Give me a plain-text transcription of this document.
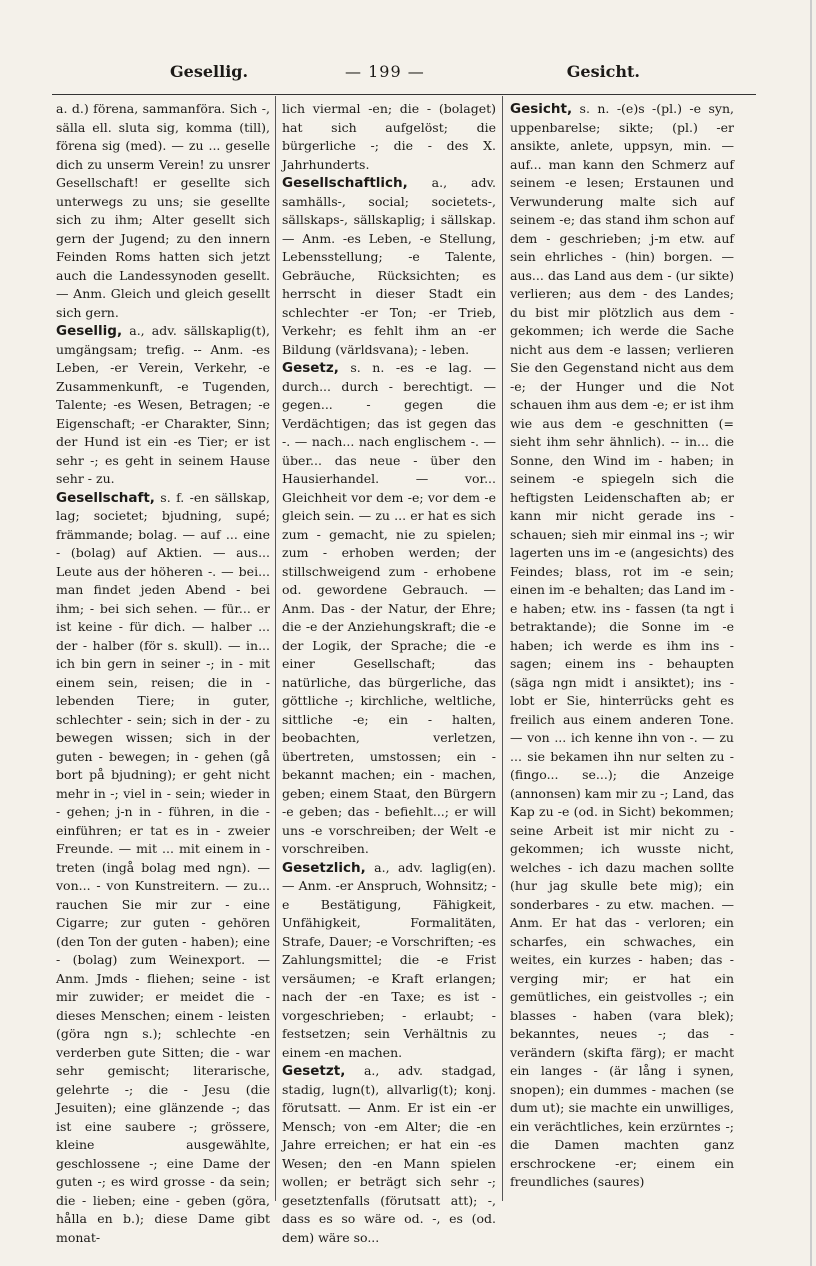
Gesellig.	— 199 —	Gesicht.

a. d.) förena, sammanföra. Sich -, sälla ell. sluta sig, komma (till), förena sig (med). — zu ... geselle dich zu unserm Verein! zu unsrer Gesellschaft! er gesellte sich unterwegs zu uns; sie gesellte sich zu ihm; Alter gesellt sich gern der Jugend; zu den innern Feinden Roms hatten sich jetzt auch die Landessynoden gesellt. — Anm. Gleich und gleich gesellt sich gern.

Gesellig, a., adv. sällskaplig(t), umgängsam; trefig. -- Anm. -es Leben, -er Verein, Verkehr, -e Zusammenkunft, -e Tugenden, Talente; -es Wesen, Betragen; -e Eigenschaft; -er Charakter, Sinn; der Hund ist ein -es Tier; er ist sehr -; es geht in seinem Hause sehr - zu.

Gesellschaft, s. f. -en sällskap, lag; societet; bjudning, supé; främmande; bolag. — auf ... eine - (bolag) auf Aktien. — aus... Leute aus der höheren -. — bei... man findet jeden Abend - bei ihm; - bei sich sehen. — für... er ist keine - für dich. — halber ... der - halber (för s. skull). — in... ich bin gern in seiner -; in - mit einem sein, reisen; die in - lebenden Tiere; in guter, schlechter - sein; sich in der - zu bewegen wissen; sich in der guten - bewegen; in - gehen (gå bort på bjudning); er geht nicht mehr in -; viel in - sein; wieder in - gehen; j-n in - führen, in die - einführen; er tat es in - zweier Freunde. — mit ... mit einem in - treten (ingå bolag med ngn). — von... - von Kunstreitern. — zu... rauchen Sie mir zur - eine Cigarre; zur guten - gehören (den Ton der guten - haben); eine - (bolag) zum Weinexport. — Anm. Jmds - fliehen; seine - ist mir zuwider; er meidet die - dieses Menschen; einem - leisten (göra ngn s.); schlechte -en verderben gute Sitten; die - war sehr gemischt; literarische, gelehrte -; die - Jesu (die Jesuiten); eine glänzende -; das ist eine saubere -; grössere, kleine ausgewählte, geschlossene -; eine Dame der guten -; es wird grosse - da sein; die - lieben; eine - geben (göra, hålla en b.); diese Dame gibt monat-

lich viermal -en; die - (bolaget) hat sich aufgelöst; die bürgerliche -; die - des X. Jahrhunderts.

Gesellschaftlich, a., adv. samhälls-, social; societets-, sällskaps-, sällskaplig; i sällskap. — Anm. -es Leben, -e Stellung, Lebensstellung; -e Talente, Gebräuche, Rücksichten; es herrscht in dieser Stadt ein schlechter -er Ton; -er Trieb, Verkehr; es fehlt ihm an -er Bildung (världsvana); - leben.

Gesetz, s. n. -es -e lag. — durch... durch - berechtigt. — gegen... - gegen die Verdächtigen; das ist gegen das -. — nach... nach englischem -. — über... das neue - über den Hausierhandel. — vor... Gleichheit vor dem -e; vor dem -e gleich sein. — zu ... er hat es sich zum - gemacht, nie zu spielen; zum - erhoben werden; der stillschweigend zum - erhobene od. gewordene Gebrauch. — Anm. Das - der Natur, der Ehre; die -e der Anziehungskraft; die -e der Logik, der Sprache; die -e einer Gesellschaft; das natürliche, das bürgerliche, das göttliche -; kirchliche, weltliche, sittliche -e; ein - halten, beobachten, verletzen, übertreten, umstossen; ein - bekannt machen; ein - machen, geben; einem Staat, den Bürgern -e geben; das - befiehlt...; er will uns -e vorschreiben; der Welt -e vorschreiben.

Gesetzlich, a., adv. laglig(en). — Anm. -er Anspruch, Wohnsitz; -e Bestätigung, Fähigkeit, Unfähigkeit, Formalitäten, Strafe, Dauer; -e Vorschriften; -es Zahlungsmittel; die -e Frist versäumen; -e Kraft erlangen; nach der -en Taxe; es ist - vorgeschrieben; - erlaubt; - festsetzen; sein Verhältnis zu einem -en machen.

Gesetzt, a., adv. stadgad, stadig, lugn(t), allvarlig(t); konj. förutsatt. — Anm. Er ist ein -er Mensch; von -em Alter; die -en Jahre erreichen; er hat ein -es Wesen; den -en Mann spielen wollen; er beträgt sich sehr -; gesetztenfalls (förutsatt att); -, dass es so wäre od. -, es (od. dem) wäre so...

Gesicht, s. n. -(e)s -(pl.) -e syn, uppenbarelse; sikte; (pl.) -er ansikte, anlete, uppsyn, min. — auf... man kann den Schmerz auf seinem -e lesen; Erstaunen und Verwunderung malte sich auf seinem -e; das stand ihm schon auf dem - geschrieben; j-m etw. auf sein ehrliches - (hin) borgen. — aus... das Land aus dem - (ur sikte) verlieren; aus dem - des Landes; du bist mir plötzlich aus dem - gekommen; ich werde die Sache nicht aus dem -e lassen; verlieren Sie den Gegenstand nicht aus dem -e; der Hunger und die Not schauen ihm aus dem -e; er ist ihm wie aus dem -e geschnitten (= sieht ihm sehr ähnlich). -- in... die Sonne, den Wind im - haben; in seinem -e spiegeln sich die heftigsten Leidenschaften ab; er kann mir nicht gerade ins - schauen; sieh mir einmal ins -; wir lagerten uns im -e (angesichts) des Feindes; blass, rot im -e sein; einen im -e behalten; das Land im -e haben; etw. ins - fassen (ta ngt i betraktande); die Sonne im -e haben; ich werde es ihm ins - sagen; einem ins - behaupten (säga ngn midt i ansiktet); ins - lobt er Sie, hinterrücks geht es freilich aus einem anderen Tone. — von ... ich kenne ihn von -. — zu ... sie bekamen ihn nur selten zu - (fingo... se...); die Anzeige (annonsen) kam mir zu -; Land, das Kap zu -e (od. in Sicht) bekommen; seine Arbeit ist mir nicht zu - gekommen; ich wusste nicht, welches - ich dazu machen sollte (hur jag skulle bete mig); ein sonderbares - zu etw. machen. — Anm. Er hat das - verloren; ein scharfes, ein schwaches, ein weites, ein kurzes - haben; das - verging mir; er hat ein gemütliches, ein geistvolles -; ein blasses - haben (vara blek); bekanntes, neues -; das - verändern (skifta färg); er macht ein langes - (är lång i synen, snopen); ein dummes - machen (se dum ut); sie machte ein unwilliges, ein verächtliches, kein erzürntes -; die Damen machten ganz erschrockene -er; einem ein freundliches (saures)
